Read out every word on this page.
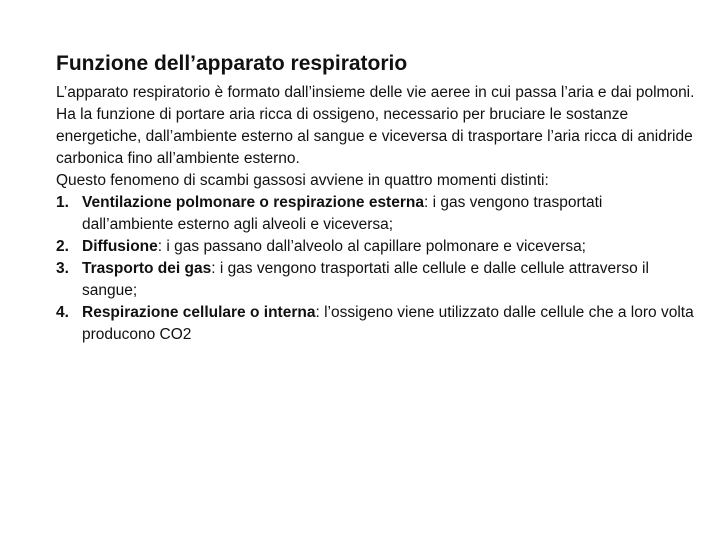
Funzione dell’apparato respiratorio

L’apparato respiratorio è formato dall’insieme delle vie aeree in cui passa l’aria e dai polmoni. Ha la funzione di portare aria ricca di ossigeno, necessario per bruciare le sostanze energetiche, dall’ambiente esterno al sangue e viceversa di trasportare l’aria ricca di anidride carbonica fino all’ambiente esterno.

Questo fenomeno di scambi gassosi avviene in quattro momenti distinti:

1. Ventilazione polmonare o respirazione esterna: i gas vengono trasportati dall’ambiente esterno agli alveoli e viceversa;
2. Diffusione: i gas passano dall’alveolo al capillare polmonare e viceversa;
3. Trasporto dei gas: i gas vengono trasportati alle cellule e dalle cellule attraverso il sangue;
4. Respirazione cellulare o interna: l’ossigeno viene utilizzato dalle cellule che a loro volta producono CO2
